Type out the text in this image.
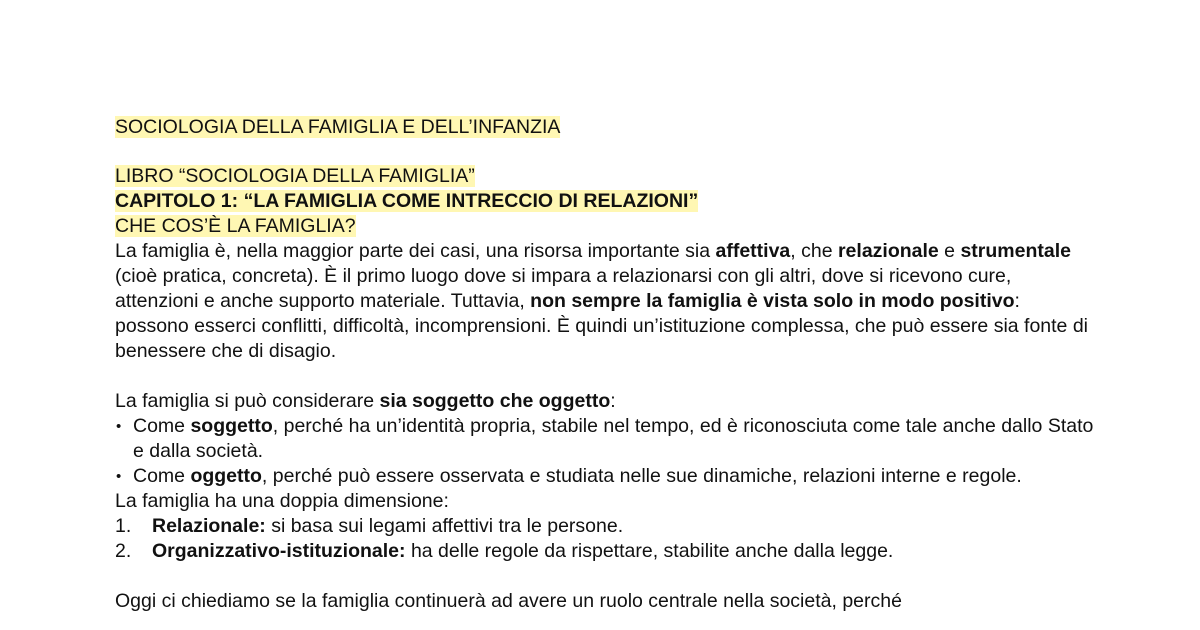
SOCIOLOGIA DELLA FAMIGLIA E DELL’INFANZIA

LIBRO “SOCIOLOGIA DELLA FAMIGLIA”

CAPITOLO 1: “LA FAMIGLIA COME INTRECCIO DI RELAZIONI”

CHE COS’È LA FAMIGLIA?

La famiglia è, nella maggior parte dei casi, una risorsa importante sia affettiva, che relazionale e strumentale (cioè pratica, concreta). È il primo luogo dove si impara a relazionarsi con gli altri, dove si ricevono cure, attenzioni e anche supporto materiale. Tuttavia, non sempre la famiglia è vista solo in modo positivo: possono esserci conflitti, difficoltà, incomprensioni. È quindi un’istituzione complessa, che può essere sia fonte di benessere che di disagio.

La famiglia si può considerare sia soggetto che oggetto:

• Come soggetto, perché ha un’identità propria, stabile nel tempo, ed è riconosciuta come tale anche dallo Stato e dalla società.
• Come oggetto, perché può essere osservata e studiata nelle sue dinamiche, relazioni interne e regole.

La famiglia ha una doppia dimensione:

1. Relazionale: si basa sui legami affettivi tra le persone.
2. Organizzativo-istituzionale: ha delle regole da rispettare, stabilite anche dalla legge.

Oggi ci chiediamo se la famiglia continuerà ad avere un ruolo centrale nella società, perché
